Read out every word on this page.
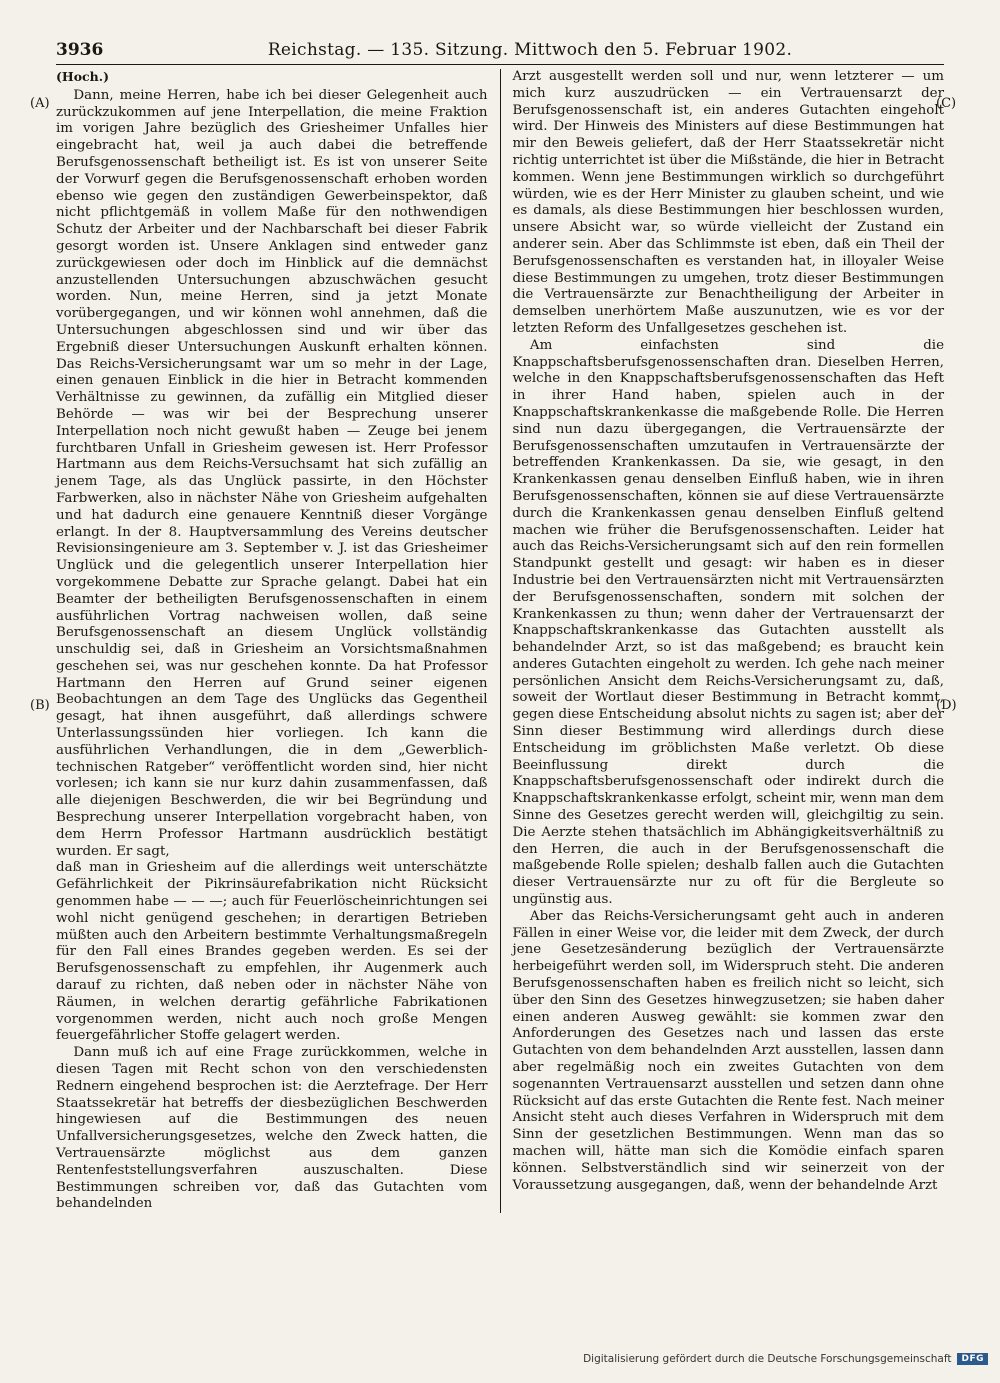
3936	Reichstag. — 135. Sitzung. Mittwoch den 5. Februar 1902.
(Hoch.)

Dann, meine Herren, habe ich bei dieser Gelegenheit auch zurückzukommen auf jene Interpellation, die meine Fraktion im vorigen Jahre bezüglich des Griesheimer Unfalles hier eingebracht hat, weil ja auch dabei die betreffende Berufsgenossenschaft betheiligt ist. Es ist von unserer Seite der Vorwurf gegen die Berufsgenossenschaft erhoben worden ebenso wie gegen den zuständigen Gewerbeinspektor, daß nicht pflichtgemäß in vollem Maße für den nothwendigen Schutz der Arbeiter und der Nachbarschaft bei dieser Fabrik gesorgt worden ist. Unsere Anklagen sind entweder ganz zurückgewiesen oder doch im Hinblick auf die demnächst anzustellenden Untersuchungen abzuschwächen gesucht worden. Nun, meine Herren, sind ja jetzt Monate vorübergegangen, und wir können wohl annehmen, daß die Untersuchungen abgeschlossen sind und wir über das Ergebniß dieser Untersuchungen Auskunft erhalten können. Das Reichs-Versicherungsamt war um so mehr in der Lage, einen genauen Einblick in die hier in Betracht kommenden Verhältnisse zu gewinnen, da zufällig ein Mitglied dieser Behörde — was wir bei der Besprechung unserer Interpellation noch nicht gewußt haben — Zeuge bei jenem furchtbaren Unfall in Griesheim gewesen ist. Herr Professor Hartmann aus dem Reichs-Versuchsamt hat sich zufällig an jenem Tage, als das Unglück passirte, in den Höchster Farbwerken, also in nächster Nähe von Griesheim aufgehalten und hat dadurch eine genauere Kenntniß dieser Vorgänge erlangt. In der 8. Hauptversammlung des Vereins deutscher Revisionsingenieure am 3. September v. J. ist das Griesheimer Unglück und die gelegentlich unserer Interpellation hier vorgekommene Debatte zur Sprache gelangt. Dabei hat ein Beamter der betheiligten Berufsgenossenschaften in einem ausführlichen Vortrag nachweisen wollen, daß seine Berufsgenossenschaft an diesem Unglück vollständig unschuldig sei, daß in Griesheim an Vorsichtsmaßnahmen geschehen sei, was nur geschehen konnte. Da hat Professor Hartmann den Herren auf Grund seiner eigenen Beobachtungen an dem Tage des Unglücks das Gegentheil gesagt, hat ihnen ausgeführt, daß allerdings schwere Unterlassungssünden hier vorliegen. Ich kann die ausführlichen Verhandlungen, die in dem „Gewerblich-technischen Ratgeber“ veröffentlicht worden sind, hier nicht vorlesen; ich kann sie nur kurz dahin zusammenfassen, daß alle diejenigen Beschwerden, die wir bei Begründung und Besprechung unserer Interpellation vorgebracht haben, von dem Herrn Professor Hartmann ausdrücklich bestätigt wurden. Er sagt,

daß man in Griesheim auf die allerdings weit unterschätzte Gefährlichkeit der Pikrinsäurefabrikation nicht Rücksicht genommen habe — — —; auch für Feuerlöscheinrichtungen sei wohl nicht genügend geschehen; in derartigen Betrieben müßten auch den Arbeitern bestimmte Verhaltungsmaßregeln für den Fall eines Brandes gegeben werden. Es sei der Berufsgenossenschaft zu empfehlen, ihr Augenmerk auch darauf zu richten, daß neben oder in nächster Nähe von Räumen, in welchen derartig gefährliche Fabrikationen vorgenommen werden, nicht auch noch große Mengen feuergefährlicher Stoffe gelagert werden.

Dann muß ich auf eine Frage zurückkommen, welche in diesen Tagen mit Recht schon von den verschiedensten Rednern eingehend besprochen ist: die Aerztefrage. Der Herr Staatssekretär hat betreffs der diesbezüglichen Beschwerden hingewiesen auf die Bestimmungen des neuen Unfallversicherungsgesetzes, welche den Zweck hatten, die Vertrauensärzte möglichst aus dem ganzen Rentenfeststellungsverfahren auszuschalten. Diese Bestimmungen schreiben vor, daß das Gutachten vom behandelnden

Arzt ausgestellt werden soll und nur, wenn letzterer — um mich kurz auszudrücken — ein Vertrauensarzt der Berufsgenossenschaft ist, ein anderes Gutachten eingeholt wird. Der Hinweis des Ministers auf diese Bestimmungen hat mir den Beweis geliefert, daß der Herr Staatssekretär nicht richtig unterrichtet ist über die Mißstände, die hier in Betracht kommen. Wenn jene Bestimmungen wirklich so durchgeführt würden, wie es der Herr Minister zu glauben scheint, und wie es damals, als diese Bestimmungen hier beschlossen wurden, unsere Absicht war, so würde vielleicht der Zustand ein anderer sein. Aber das Schlimmste ist eben, daß ein Theil der Berufsgenossenschaften es verstanden hat, in illoyaler Weise diese Bestimmungen zu umgehen, trotz dieser Bestimmungen die Vertrauensärzte zur Benachtheiligung der Arbeiter in demselben unerhörtem Maße auszunutzen, wie es vor der letzten Reform des Unfallgesetzes geschehen ist.

Am einfachsten sind die Knappschaftsberufsgenossenschaften dran. Dieselben Herren, welche in den Knappschaftsberufsgenossenschaften das Heft in ihrer Hand haben, spielen auch in der Knappschaftskrankenkasse die maßgebende Rolle. Die Herren sind nun dazu übergegangen, die Vertrauensärzte der Berufsgenossenschaften umzutaufen in Vertrauensärzte der betreffenden Krankenkassen. Da sie, wie gesagt, in den Krankenkassen genau denselben Einfluß haben, wie in ihren Berufsgenossenschaften, können sie auf diese Vertrauensärzte durch die Krankenkassen genau denselben Einfluß geltend machen wie früher die Berufsgenossenschaften. Leider hat auch das Reichs-Versicherungsamt sich auf den rein formellen Standpunkt gestellt und gesagt: wir haben es in dieser Industrie bei den Vertrauensärzten nicht mit Vertrauensärzten der Berufsgenossenschaften, sondern mit solchen der Krankenkassen zu thun; wenn daher der Vertrauensarzt der Knappschaftskrankenkasse das Gutachten ausstellt als behandelnder Arzt, so ist das maßgebend; es braucht kein anderes Gutachten eingeholt zu werden. Ich gehe nach meiner persönlichen Ansicht dem Reichs-Versicherungsamt zu, daß, soweit der Wortlaut dieser Bestimmung in Betracht kommt, gegen diese Entscheidung absolut nichts zu sagen ist; aber der Sinn dieser Bestimmung wird allerdings durch diese Entscheidung im gröblichsten Maße verletzt. Ob diese Beeinflussung direkt durch die Knappschaftsberufsgenossenschaft oder indirekt durch die Knappschaftskrankenkasse erfolgt, scheint mir, wenn man dem Sinne des Gesetzes gerecht werden will, gleichgiltig zu sein. Die Aerzte stehen thatsächlich im Abhängigkeitsverhältniß zu den Herren, die auch in der Berufsgenossenschaft die maßgebende Rolle spielen; deshalb fallen auch die Gutachten dieser Vertrauensärzte nur zu oft für die Bergleute so ungünstig aus.

Aber das Reichs-Versicherungsamt geht auch in anderen Fällen in einer Weise vor, die leider mit dem Zweck, der durch jene Gesetzesänderung bezüglich der Vertrauensärzte herbeigeführt werden soll, im Widerspruch steht. Die anderen Berufsgenossenschaften haben es freilich nicht so leicht, sich über den Sinn des Gesetzes hinwegzusetzen; sie haben daher einen anderen Ausweg gewählt: sie kommen zwar den Anforderungen des Gesetzes nach und lassen das erste Gutachten von dem behandelnden Arzt ausstellen, lassen dann aber regelmäßig noch ein zweites Gutachten von dem sogenannten Vertrauensarzt ausstellen und setzen dann ohne Rücksicht auf das erste Gutachten die Rente fest. Nach meiner Ansicht steht auch dieses Verfahren in Widerspruch mit dem Sinn der gesetzlichen Bestimmungen. Wenn man das so machen will, hätte man sich die Komödie einfach sparen können. Selbstverständlich sind wir seinerzeit von der Voraussetzung ausgegangen, daß, wenn der behandelnde Arzt

(A)
(B)
(C)
(D)
Digitalisierung gefördert durch die Deutsche Forschungsgemeinschaft	DFG
